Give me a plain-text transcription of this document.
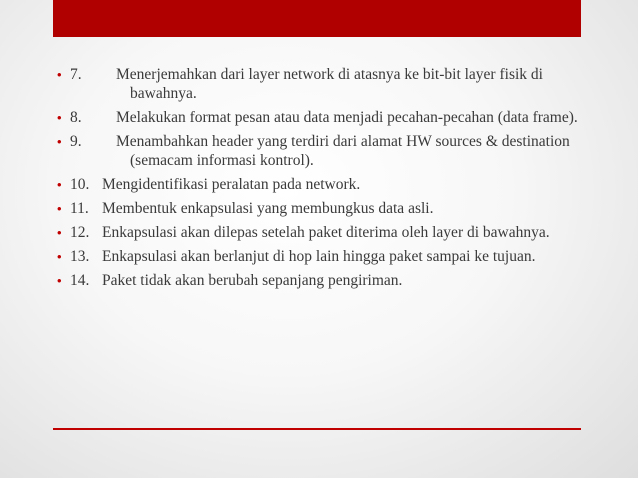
• 7.	Menerjemahkan dari layer network di atasnya ke bit-bit layer fisik di bawahnya.
• 8.	Melakukan format pesan atau data menjadi pecahan-pecahan (data frame).
• 9.	Menambahkan header yang terdiri dari alamat HW sources & destination (semacam informasi kontrol).
• 10. Mengidentifikasi peralatan pada network.
• 11. Membentuk enkapsulasi yang membungkus data asli.
• 12. Enkapsulasi akan dilepas setelah paket diterima oleh layer di bawahnya.
• 13. Enkapsulasi akan berlanjut di hop lain hingga paket sampai ke tujuan.
• 14. Paket tidak akan berubah sepanjang pengiriman.
